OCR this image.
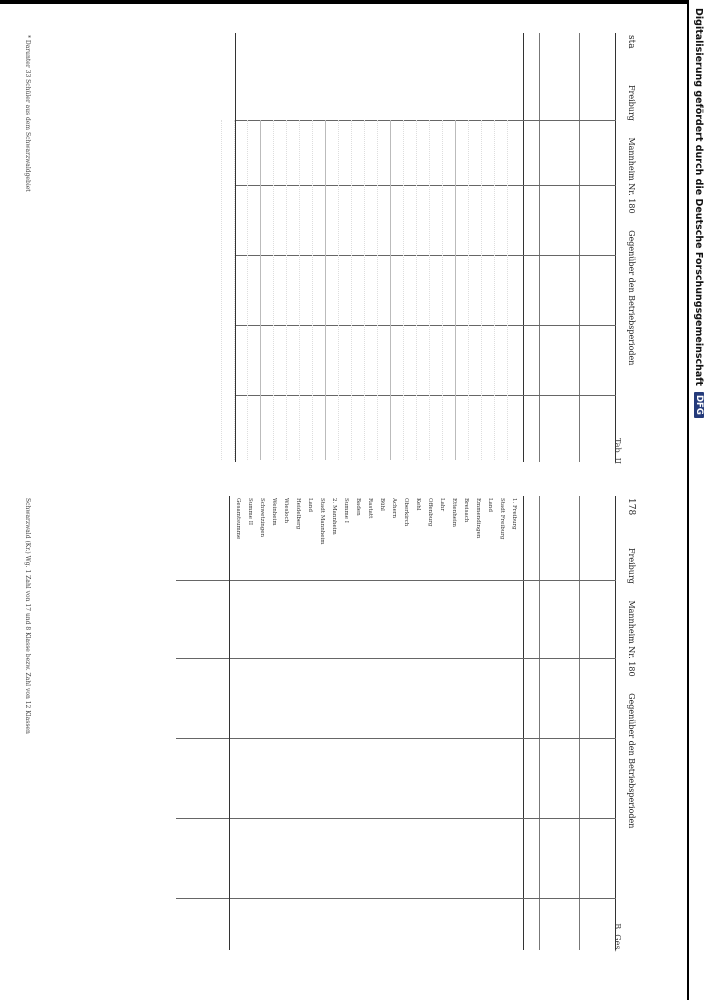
sta
Freiburg Mannheim Nr. 180 Gegenüber den Betriebsperioden
Tab. II
* Darunter 33 Schüler aus dem Schwarzwaldgebiet
178
Freiburg Mannheim Nr. 180 Gegenüber den Betriebsperioden
B. Ges.
1. Freiburg
Stadt Freiburg
Land
Emmendingen
Breisach
Ettenheim
Lahr
Offenburg
Kehl
Oberkirch
Achern
Bühl
Rastatt
Baden
Summe I
2. Mannheim
Stadt Mannheim
Land
Heidelberg
Wiesloch
Weinheim
Schwetzingen
Summe II
Gesamtsumme
Schwarzwald (Kr.) Wg. 1 Zahl von 17 und 8 Klasse bezw. Zahl von 12 Klassen
Digitalisierung gefördert durch die Deutsche Forschungsgemeinschaft
DFG
